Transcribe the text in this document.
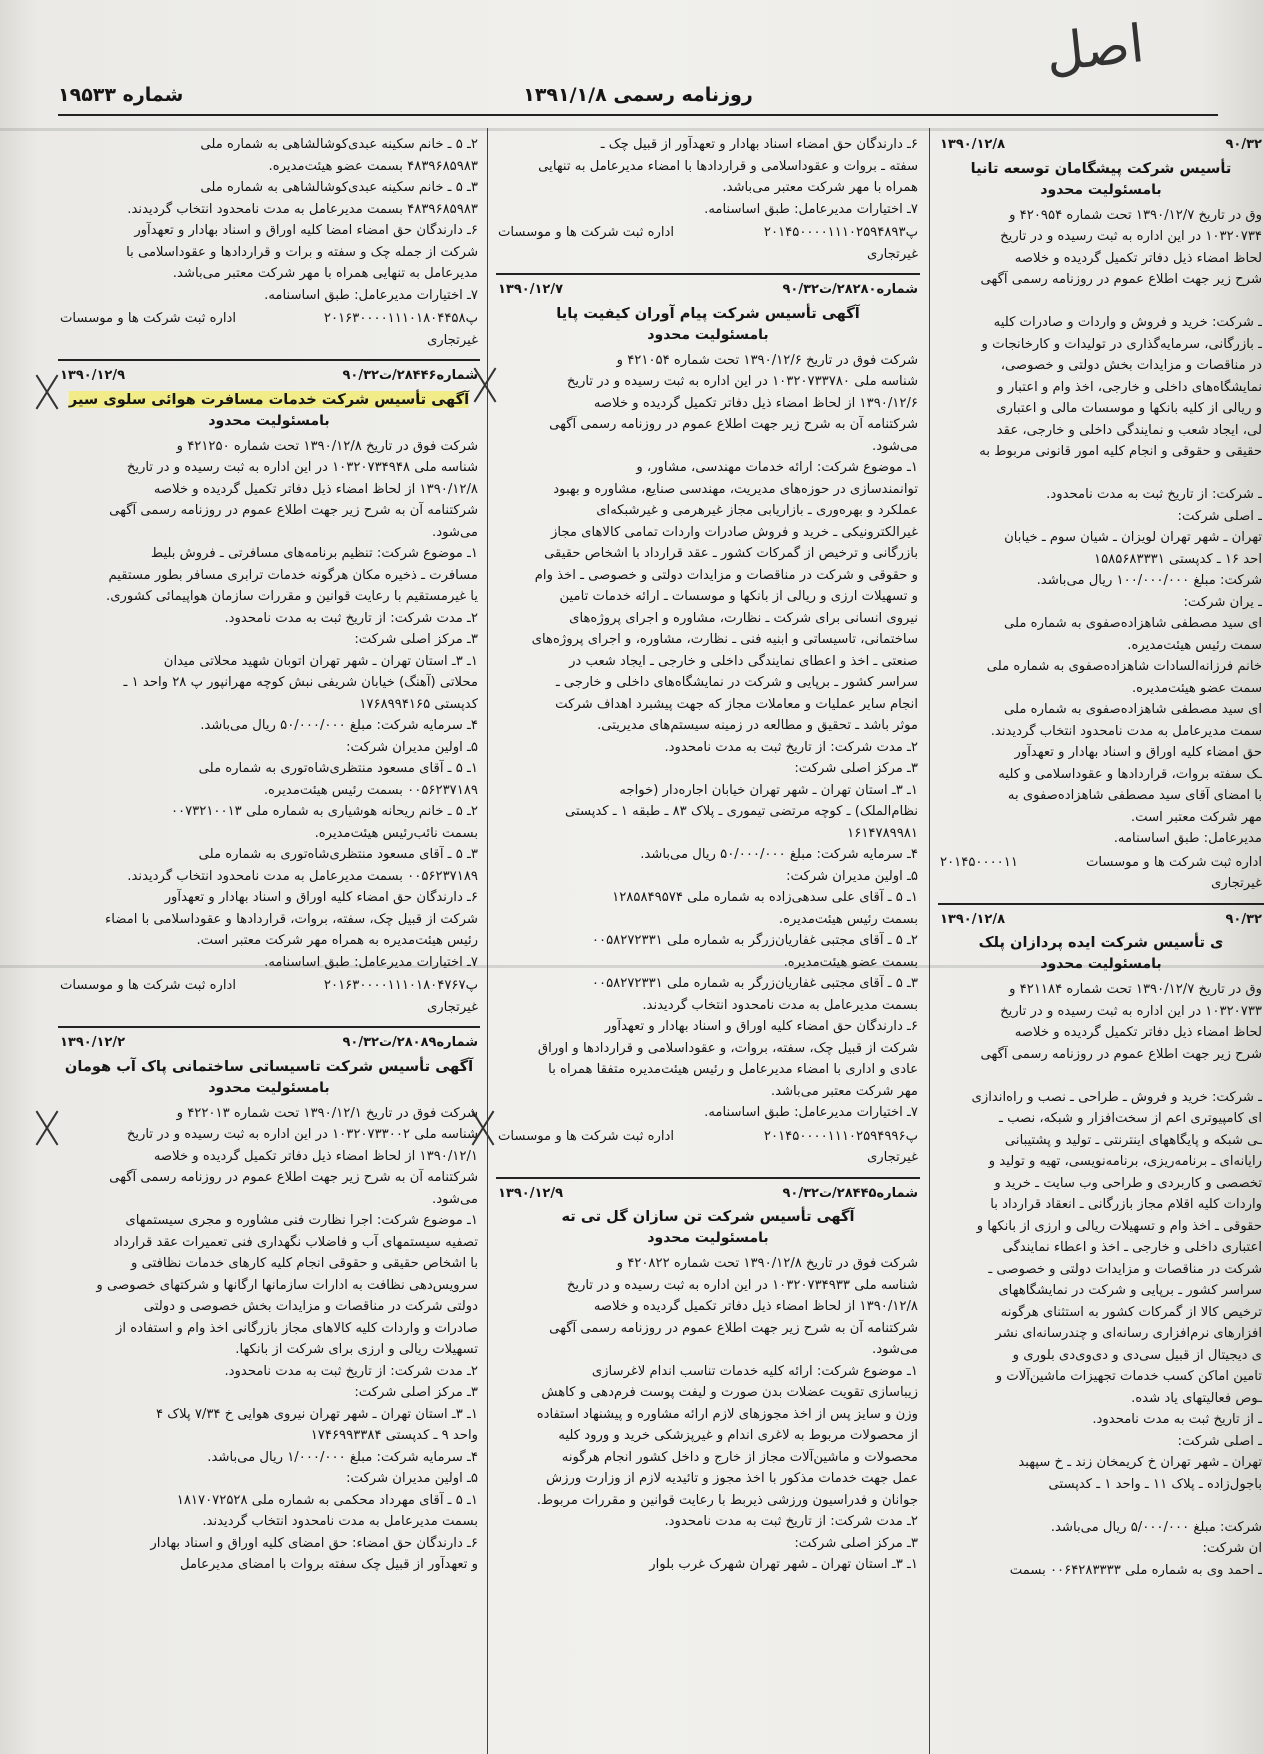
اصل
شماره ۱۹۵۳۳	روزنامه رسمی ۱۳۹۱/۱/۸
۹۰/۳۲
۱۳۹۰/۱۲/۸
تأسیس شرکت پیشگامان توسعه تانیا
بامسئولیت محدود
وق در تاریخ ۱۳۹۰/۱۲/۷ تحت شماره ۴۲۰۹۵۴ و
۱۰۳۲۰۷۳۴ در این اداره به ثبت رسیده و در تاریخ
لحاظ امضاء ذیل دفاتر تکمیل گردیده و خلاصه
شرح زیر جهت اطلاع عموم در روزنامه رسمی آگهی

ـ شرکت: خرید و فروش و واردات و صادرات کلیه
ـ بازرگانی، سرمایه‌گذاری در تولیدات و کارخانجات و
در مناقصات و مزایدات بخش دولتی و خصوصی،
نمایشگاه‌های داخلی و خارجی، اخذ وام و اعتبار و
و ریالی از کلیه بانکها و موسسات مالی و اعتباری
لی، ایجاد شعب و نمایندگی داخلی و خارجی، عقد
حقیقی و حقوقی و انجام کلیه امور قانونی مربوط به

ـ شرکت: از تاریخ ثبت به مدت نامحدود.
ـ اصلی شرکت:
تهران ـ شهر تهران لویزان ـ شیان سوم ـ خیابان
احد ۱۶ ـ کدپستی ۱۵۸۵۶۸۳۳۳۱
شرکت: مبلغ ۱۰۰/۰۰۰/۰۰۰ ریال می‌باشد.
ـ یران شرکت:
ای سید مصطفی شاهزاده‌صفوی به شماره ملی
سمت رئیس هیئت‌مدیره.
خانم فرزانه‌السادات شاهزاده‌صفوی به شماره ملی
سمت عضو هیئت‌مدیره.
ای سید مصطفی شاهزاده‌صفوی به شماره ملی
سمت مدیرعامل به مدت نامحدود انتخاب گردیدند.
حق امضاء کلیه اوراق و اسناد بهادار و تعهدآور
ـک سفته بروات، قراردادها و عقوداسلامی و کلیه
با امضای آقای سید مصطفی شاهزاده‌صفوی به
مهر شرکت معتبر است.
مدیرعامل: طبق اساسنامه.
اداره ثبت شرکت ها و موسسات
۲۰۱۴۵۰۰۰۰۱۱
غیرتجاری
۹۰/۳۲
۱۳۹۰/۱۲/۸
ی تأسیس شرکت ایده پردازان پلک
بامسئولیت محدود
وق در تاریخ ۱۳۹۰/۱۲/۷ تحت شماره ۴۲۱۱۸۴ و
۱۰۳۲۰۷۳۳ در این اداره به ثبت رسیده و در تاریخ
لحاظ امضاء ذیل دفاتر تکمیل گردیده و خلاصه
شرح زیر جهت اطلاع عموم در روزنامه رسمی آگهی

ـ شرکت: خرید و فروش ـ طراحی ـ نصب و راه‌اندازی
ای کامپیوتری اعم از سخت‌افزار و شبکه، نصب ـ
ـی شبکه و پایگاههای اینترنتی ـ تولید و پشتیبانی
رایانه‌ای ـ برنامه‌ریزی، برنامه‌نویسی، تهیه و تولید و
تخصصی و کاربردی و طراحی وب سایت ـ خرید و
واردات کلیه اقلام مجاز بازرگانی ـ انعقاد قرارداد با
حقوقی ـ اخذ وام و تسهیلات ریالی و ارزی از بانکها و
اعتباری داخلی و خارجی ـ اخذ و اعطاء نمایندگی
شرکت در مناقصات و مزایدات دولتی و خصوصی ـ
سراسر کشور ـ برپایی و شرکت در نمایشگاههای
ترخیص کالا از گمرکات کشور به استثنای هرگونه
افزارهای نرم‌افزاری رسانه‌ای و چندرسانه‌ای نشر
ی دیجیتال از قبیل سی‌دی و دی‌وی‌دی بلوری و
تامین اماکن کسب خدمات تجهیزات ماشین‌آلات و
ـوص فعالیتهای یاد شده.
ـ از تاریخ ثبت به مدت نامحدود.
ـ اصلی شرکت:
تهران ـ شهر تهران خ کریمخان زند ـ خ سپهبد
باجول‌زاده ـ پلاک ۱۱ ـ واحد ۱ ـ کدپستی

شرکت: مبلغ ۵/۰۰۰/۰۰۰ ریال می‌باشد.
ان شرکت:
ـ احمد وی به شماره ملی ۰۰۶۴۲۸۳۳۳۳ بسمت
۶ـ دارندگان حق امضاء اسناد بهادار و تعهدآور از قبیل چک ـ
سفته ـ بروات و عقوداسلامی و قراردادها با امضاء مدیرعامل به تنهایی
همراه با مهر شرکت معتبر می‌باشد.
۷ـ اختیارات مدیرعامل: طبق اساسنامه.
پ۲۰۱۴۵۰۰۰۰۱۱۱۰۲۵۹۴۸۹۳
اداره ثبت شرکت ها و موسسات
غیرتجاری
شماره۲۸۲۸۰/ت۹۰/۳۲
۱۳۹۰/۱۲/۷
آگهی تأسیس شرکت پیام آوران کیفیت پایا
بامسئولیت محدود
شرکت فوق در تاریخ ۱۳۹۰/۱۲/۶ تحت شماره ۴۲۱۰۵۴ و
شناسه ملی ۱۰۳۲۰۷۳۳۷۸۰ در این اداره به ثبت رسیده و در تاریخ
۱۳۹۰/۱۲/۶ از لحاظ امضاء ذیل دفاتر تکمیل گردیده و خلاصه
شرکتنامه آن به شرح زیر جهت اطلاع عموم در روزنامه رسمی آگهی
می‌شود.
۱ـ موضوع شرکت: ارائه خدمات مهندسی، مشاور، و
توانمندسازی در حوزه‌های مدیریت، مهندسی صنایع، مشاوره و بهبود
عملکرد و بهره‌وری ـ بازاریابی مجاز غیرهرمی و غیرشبکه‌ای
غیرالکترونیکی ـ خرید و فروش صادرات واردات تمامی کالاهای مجاز
بازرگانی و ترخیص از گمرکات کشور ـ عقد قرارداد با اشخاص حقیقی
و حقوقی و شرکت در مناقصات و مزایدات دولتی و خصوصی ـ اخذ وام
و تسهیلات ارزی و ریالی از بانکها و موسسات ـ ارائه خدمات تامین
نیروی انسانی برای شرکت ـ نظارت، مشاوره و اجرای پروژه‌های
ساختمانی، تاسیساتی و ابنیه فنی ـ نظارت، مشاوره، و اجرای پروژه‌های
صنعتی ـ اخذ و اعطای نمایندگی داخلی و خارجی ـ ایجاد شعب در
سراسر کشور ـ برپایی و شرکت در نمایشگاه‌های داخلی و خارجی ـ
انجام سایر عملیات و معاملات مجاز که جهت پیشبرد اهداف شرکت
موثر باشد ـ تحقیق و مطالعه در زمینه سیستم‌های مدیریتی.
۲ـ مدت شرکت: از تاریخ ثبت به مدت نامحدود.
۳ـ مرکز اصلی شرکت:
۱ـ ۳ـ استان تهران ـ شهر تهران خیابان اجاره‌دار (خواجه
نظام‌الملک) ـ کوچه مرتضی تیموری ـ پلاک ۸۳ ـ طبقه ۱ ـ کدپستی
۱۶۱۴۷۸۹۹۸۱
۴ـ سرمایه شرکت: مبلغ ۵۰/۰۰۰/۰۰۰ ریال می‌باشد.
۵ـ اولین مدیران شرکت:
۱ـ ۵ ـ آقای علی سدهی‌زاده به شماره ملی ۱۲۸۵۸۴۹۵۷۴
بسمت رئیس هیئت‌مدیره.
۲ـ ۵ ـ آقای مجتبی غفاریان‌زرگر به شماره ملی ۰۰۵۸۲۷۲۳۳۱
بسمت عضو هیئت‌مدیره.
۳ـ ۵ ـ آقای مجتبی غفاریان‌زرگر به شماره ملی ۰۰۵۸۲۷۲۳۳۱
بسمت مدیرعامل به مدت نامحدود انتخاب گردیدند.
۶ـ دارندگان حق امضاء کلیه اوراق و اسناد بهادار و تعهدآور
شرکت از قبیل چک، سفته، بروات، و عقوداسلامی و قراردادها و اوراق
عادی و اداری با امضاء مدیرعامل و رئیس هیئت‌مدیره متفقا همراه با
مهر شرکت معتبر می‌باشد.
۷ـ اختیارات مدیرعامل: طبق اساسنامه.
پ۲۰۱۴۵۰۰۰۰۱۱۱۰۲۵۹۴۹۹۶
اداره ثبت شرکت ها و موسسات
غیرتجاری
شماره۲۸۴۴۵/ت۹۰/۳۲
۱۳۹۰/۱۲/۹
آگهی تأسیس شرکت تن سازان گل تی ته
بامسئولیت محدود
شرکت فوق در تاریخ ۱۳۹۰/۱۲/۸ تحت شماره ۴۲۰۸۲۲ و
شناسه ملی ۱۰۳۲۰۷۳۴۹۳۳ در این اداره به ثبت رسیده و در تاریخ
۱۳۹۰/۱۲/۸ از لحاظ امضاء ذیل دفاتر تکمیل گردیده و خلاصه
شرکتنامه آن به شرح زیر جهت اطلاع عموم در روزنامه رسمی آگهی
می‌شود.
۱ـ موضوع شرکت: ارائه کلیه خدمات تناسب اندام لاغرسازی
زیباسازی تقویت عضلات بدن صورت و لیفت پوست فرم‌دهی و کاهش
وزن و سایز پس از اخذ مجوزهای لازم ارائه مشاوره و پیشنهاد استفاده
از محصولات مربوط به لاغری اندام و غیرپزشکی خرید و ورود کلیه
محصولات و ماشین‌آلات مجاز از خارج و داخل کشور انجام هرگونه
عمل جهت خدمات مذکور با اخذ مجوز و تائیدیه لازم از وزارت ورزش
جوانان و فدراسیون ورزشی ذیربط با رعایت قوانین و مقررات مربوط.
۲ـ مدت شرکت: از تاریخ ثبت به مدت نامحدود.
۳ـ مرکز اصلی شرکت:
۱ـ ۳ـ استان تهران ـ شهر تهران شهرک غرب بلوار
۲ـ ۵ ـ خانم سکینه عبدی‌کوشالشاهی به شماره ملی
۴۸۳۹۶۸۵۹۸۳ بسمت عضو هیئت‌مدیره.
۳ـ ۵ ـ خانم سکینه عبدی‌کوشالشاهی به شماره ملی
۴۸۳۹۶۸۵۹۸۳ بسمت مدیرعامل به مدت نامحدود انتخاب گردیدند.
۶ـ دارندگان حق امضاء امضا کلیه اوراق و اسناد بهادار و تعهدآور
شرکت از جمله چک و سفته و برات و قراردادها و عقوداسلامی با
مدیرعامل به تنهایی همراه با مهر شرکت معتبر می‌باشد.
۷ـ اختیارات مدیرعامل: طبق اساسنامه.
پ۲۰۱۶۳۰۰۰۰۱۱۱۰۱۸۰۴۴۵۸
اداره ثبت شرکت ها و موسسات
غیرتجاری
شماره۲۸۴۴۶/ت۹۰/۳۲
۱۳۹۰/۱۲/۹
آگهی تأسیس شرکت خدمات مسافرت هوائی سلوی سیر
بامسئولیت محدود
شرکت فوق در تاریخ ۱۳۹۰/۱۲/۸ تحت شماره ۴۲۱۲۵۰ و
شناسه ملی ۱۰۳۲۰۷۳۴۹۴۸ در این اداره به ثبت رسیده و در تاریخ
۱۳۹۰/۱۲/۸ از لحاظ امضاء ذیل دفاتر تکمیل گردیده و خلاصه
شرکتنامه آن به شرح زیر جهت اطلاع عموم در روزنامه رسمی آگهی
می‌شود.
۱ـ موضوع شرکت: تنظیم برنامه‌های مسافرتی ـ فروش بلیط
مسافرت ـ ذخیره مکان هرگونه خدمات ترابری مسافر بطور مستقیم
یا غیرمستقیم با رعایت قوانین و مقررات سازمان هواپیمائی کشوری.
۲ـ مدت شرکت: از تاریخ ثبت به مدت نامحدود.
۳ـ مرکز اصلی شرکت:
۱ـ ۳ـ استان تهران ـ شهر تهران اتوبان شهید محلاتی میدان
محلاتی (آهنگ) خیابان شریفی نبش کوچه مهرانپور پ ۲۸ واحد ۱ ـ
کدپستی ۱۷۶۸۹۹۴۱۶۵
۴ـ سرمایه شرکت: مبلغ ۵۰/۰۰۰/۰۰۰ ریال می‌باشد.
۵ـ اولین مدیران شرکت:
۱ـ ۵ ـ آقای مسعود منتظری‌شاه‌توری به شماره ملی
۰۰۵۶۲۳۷۱۸۹ بسمت رئیس هیئت‌مدیره.
۲ـ ۵ ـ خانم ریحانه هوشیاری به شماره ملی ۰۰۷۳۲۱۰۰۱۳
بسمت نائب‌رئیس هیئت‌مدیره.
۳ـ ۵ ـ آقای مسعود منتظری‌شاه‌توری به شماره ملی
۰۰۵۶۲۳۷۱۸۹ بسمت مدیرعامل به مدت نامحدود انتخاب گردیدند.
۶ـ دارندگان حق امضاء کلیه اوراق و اسناد بهادار و تعهدآور
شرکت از قبیل چک، سفته، بروات، قراردادها و عقوداسلامی با امضاء
رئیس هیئت‌مدیره به همراه مهر شرکت معتبر است.
۷ـ اختیارات مدیرعامل: طبق اساسنامه.
پ۲۰۱۶۳۰۰۰۰۱۱۱۰۱۸۰۴۷۶۷
اداره ثبت شرکت ها و موسسات
غیرتجاری
شماره۲۸۰۸۹/ت۹۰/۳۲
۱۳۹۰/۱۲/۲
آگهی تأسیس شرکت تاسیساتی ساختمانی پاک آب هومان
بامسئولیت محدود
شرکت فوق در تاریخ ۱۳۹۰/۱۲/۱ تحت شماره ۴۲۲۰۱۳ و
شناسه ملی ۱۰۳۲۰۷۳۳۰۰۲ در این اداره به ثبت رسیده و در تاریخ
۱۳۹۰/۱۲/۱ از لحاظ امضاء ذیل دفاتر تکمیل گردیده و خلاصه
شرکتنامه آن به شرح زیر جهت اطلاع عموم در روزنامه رسمی آگهی
می‌شود.
۱ـ موضوع شرکت: اجرا نظارت فنی مشاوره و مجری سیستمهای
تصفیه سیستمهای آب و فاضلاب نگهداری فنی تعمیرات عقد قرارداد
با اشخاص حقیقی و حقوقی انجام کلیه کارهای خدمات نظافتی و
سرویس‌دهی نظافت به ادارات سازمانها ارگانها و شرکتهای خصوصی و
دولتی شرکت در مناقصات و مزایدات بخش خصوصی و دولتی
صادرات و واردات کلیه کالاهای مجاز بازرگانی اخذ وام و استفاده از
تسهیلات ریالی و ارزی برای شرکت از بانکها.
۲ـ مدت شرکت: از تاریخ ثبت به مدت نامحدود.
۳ـ مرکز اصلی شرکت:
۱ـ ۳ـ استان تهران ـ شهر تهران نیروی هوایی خ ۷/۳۴ پلاک ۴
واحد ۹ ـ کدپستی ۱۷۴۶۹۹۳۳۸۴
۴ـ سرمایه شرکت: مبلغ ۱/۰۰۰/۰۰۰ ریال می‌باشد.
۵ـ اولین مدیران شرکت:
۱ـ ۵ ـ آقای مهرداد محکمی به شماره ملی ۱۸۱۷۰۷۲۵۲۸
بسمت مدیرعامل به مدت نامحدود انتخاب گردیدند.
۶ـ دارندگان حق امضاء: حق امضای کلیه اوراق و اسناد بهادار
و تعهدآور از قبیل چک سفته بروات با امضای مدیرعامل
